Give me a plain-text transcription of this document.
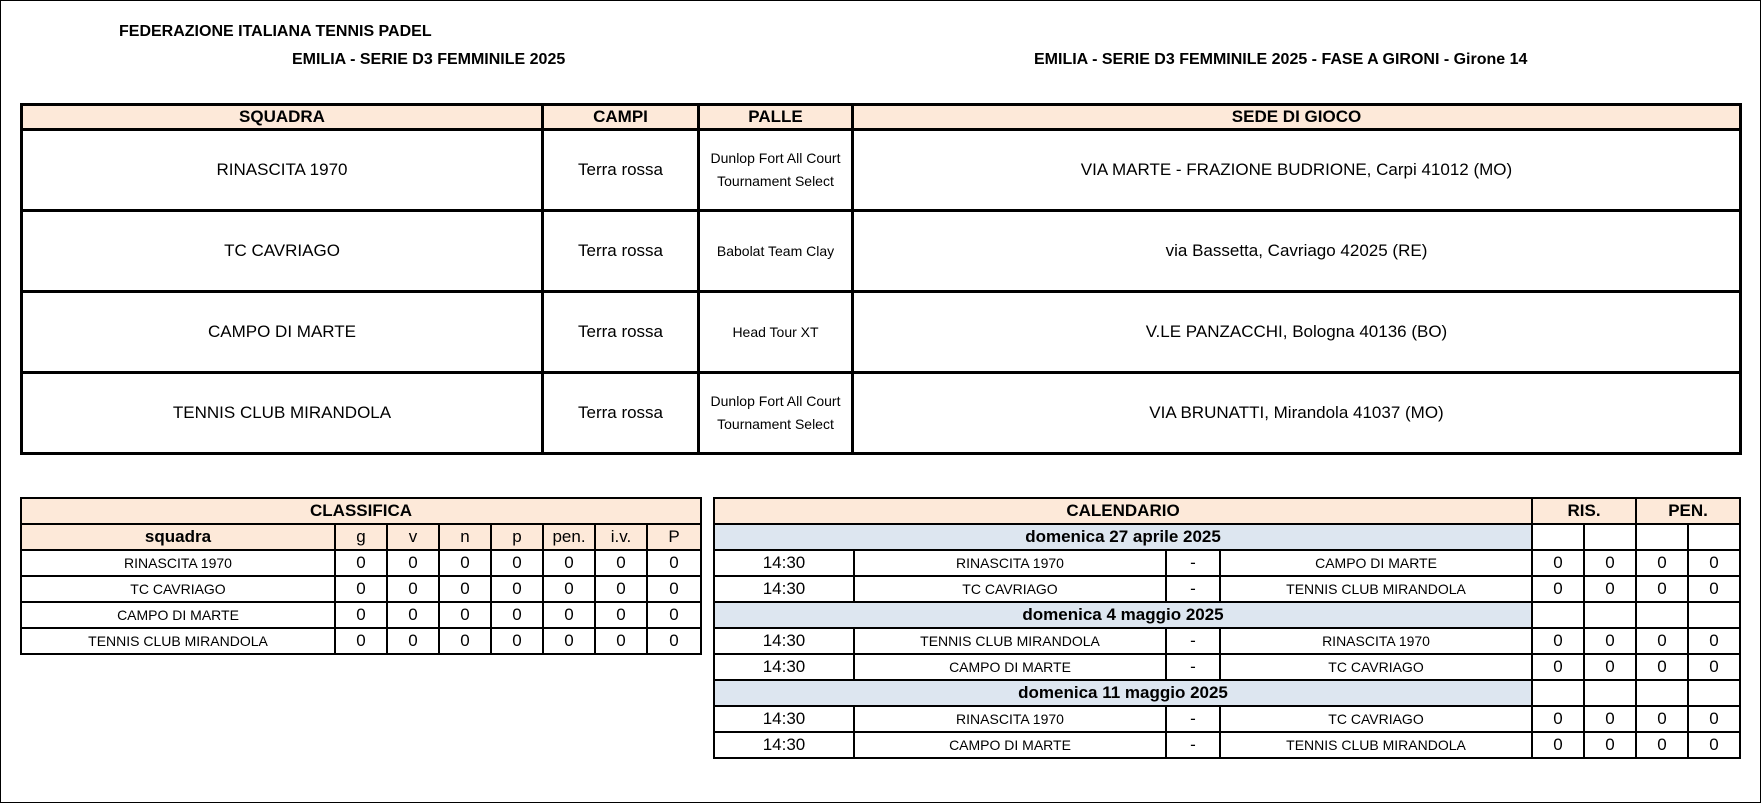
FEDERAZIONE ITALIANA TENNIS PADEL
EMILIA - SERIE D3 FEMMINILE 2025	EMILIA - SERIE D3 FEMMINILE 2025 - FASE A GIRONI - Girone 14
SQUADRA	CAMPI	PALLE	SEDE DI GIOCO
RINASCITA 1970	Terra rossa	Dunlop Fort All Court Tournament Select	VIA MARTE - FRAZIONE BUDRIONE, Carpi 41012 (MO)
TC CAVRIAGO	Terra rossa	Babolat Team Clay	via Bassetta, Cavriago 42025 (RE)
CAMPO DI MARTE	Terra rossa	Head Tour XT	V.LE PANZACCHI, Bologna 40136 (BO)
TENNIS CLUB MIRANDOLA	Terra rossa	Dunlop Fort All Court Tournament Select	VIA BRUNATTI, Mirandola 41037 (MO)
CLASSIFICA							
squadra	g	v	n	p	pen.	i.v.	P
RINASCITA 1970	0	0	0	0	0	0	0
TC CAVRIAGO	0	0	0	0	0	0	0
CAMPO DI MARTE	0	0	0	0	0	0	0
TENNIS CLUB MIRANDOLA	0	0	0	0	0	0	0
CALENDARIO				RIS.		PEN.	
domenica 27 aprile 2025							
14:30	RINASCITA 1970	-	CAMPO DI MARTE	0	0	0	0
14:30	TC CAVRIAGO	-	TENNIS CLUB MIRANDOLA	0	0	0	0
domenica 4 maggio 2025							
14:30	TENNIS CLUB MIRANDOLA	-	RINASCITA 1970	0	0	0	0
14:30	CAMPO DI MARTE	-	TC CAVRIAGO	0	0	0	0
domenica 11 maggio 2025							
14:30	RINASCITA 1970	-	TC CAVRIAGO	0	0	0	0
14:30	CAMPO DI MARTE	-	TENNIS CLUB MIRANDOLA	0	0	0	0
